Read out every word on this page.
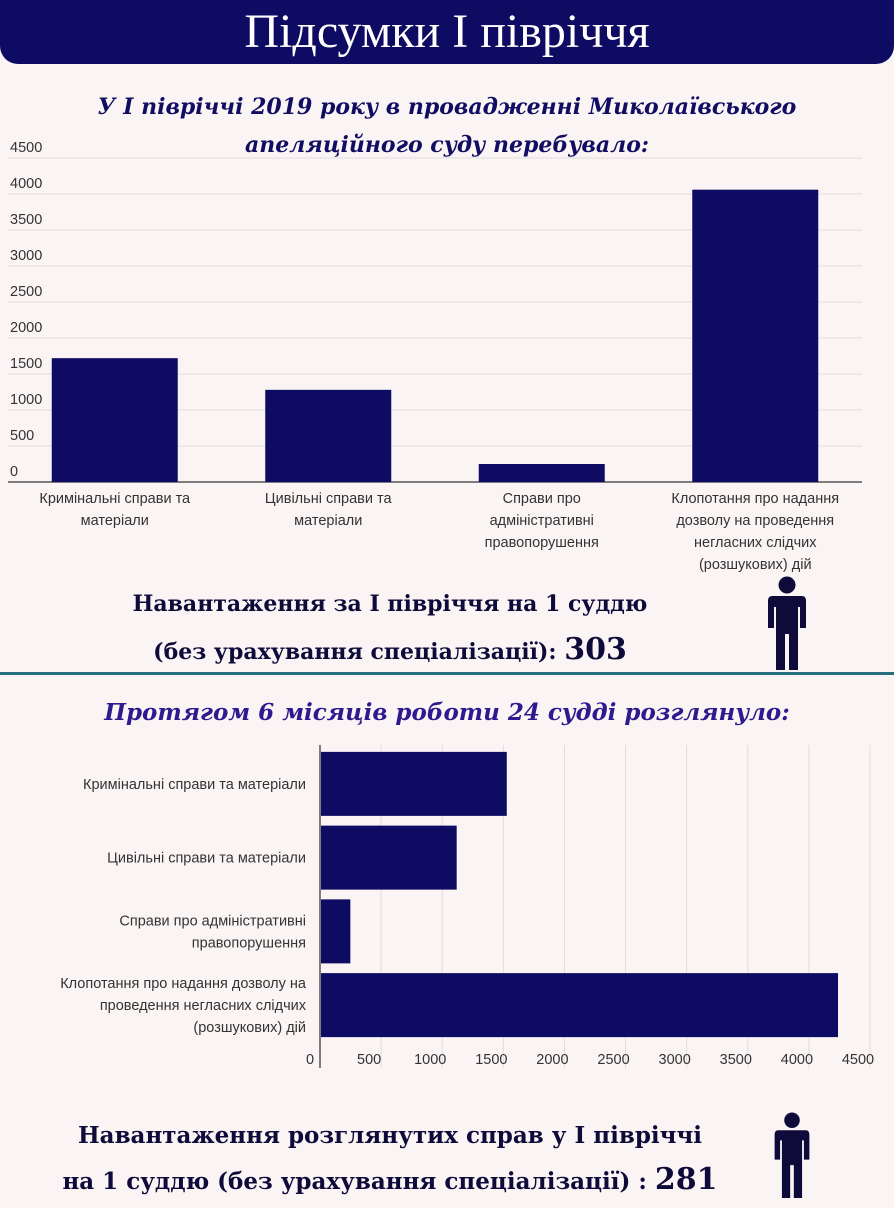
Підсумки І півріччя
У І півріччі 2019 року в провадженні Миколаївського
апеляційного суду перебувало:
0
500
1000
1500
2000
2500
3000
3500
4000
4500
Кримінальні справи та
матеріали
Цивільні справи та
матеріали
Справи про
адміністративні
правопорушення
Клопотання про надання
дозволу на проведення
негласних слідчих
(розшукових) дій
Навантаження за І півріччя на 1 суддю
(без урахування спеціалізації): 303
Протягом 6 місяців роботи 24 судді розглянуло:
0	500 1000 1500 2000 2500 3000 3500 4000 4500
Кримінальні справи та матеріали
Цивільні справи та матеріали
Справи про адміністративні
правопорушення
Клопотання про надання дозволу на
проведення негласних слідчих
(розшукових) дій
Навантаження розглянутих справ у І півріччі
на 1 суддю (без урахування спеціалізації) : 281
